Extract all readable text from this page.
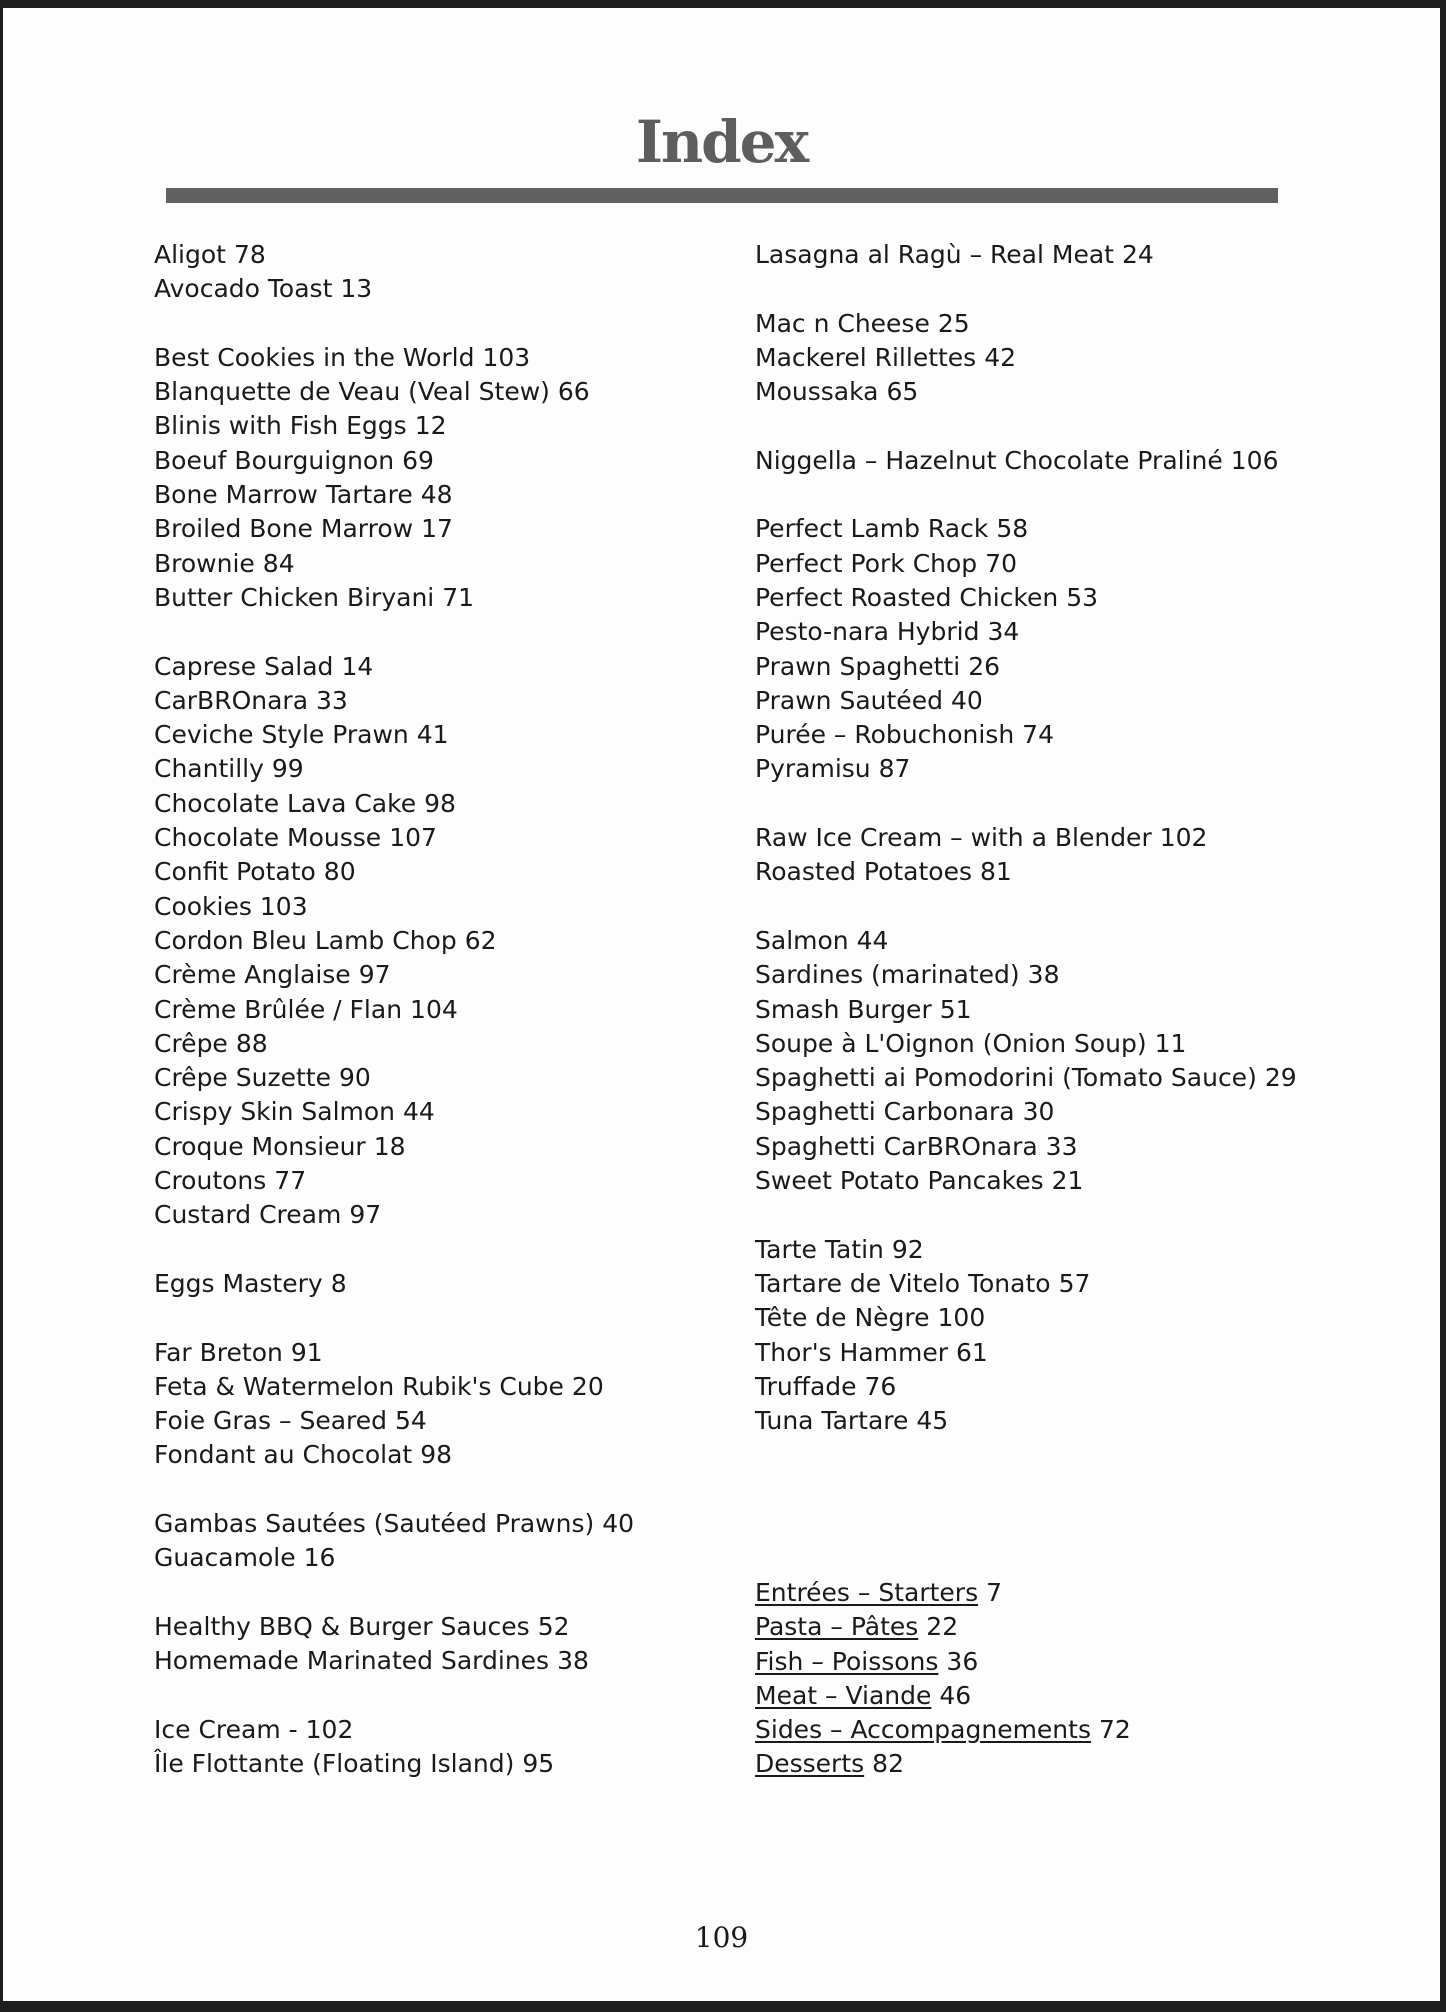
Index
Aligot 78
Avocado Toast 13
Best Cookies in the World 103
Blanquette de Veau (Veal Stew) 66
Blinis with Fish Eggs 12
Boeuf Bourguignon 69
Bone Marrow Tartare 48
Broiled Bone Marrow 17
Brownie 84
Butter Chicken Biryani 71
Caprese Salad 14
CarBROnara 33
Ceviche Style Prawn 41
Chantilly 99
Chocolate Lava Cake 98
Chocolate Mousse 107
Confit Potato 80
Cookies 103
Cordon Bleu Lamb Chop 62
Crème Anglaise 97
Crème Brûlée / Flan 104
Crêpe 88
Crêpe Suzette 90
Crispy Skin Salmon 44
Croque Monsieur 18
Croutons 77
Custard Cream 97
Eggs Mastery 8
Far Breton 91
Feta & Watermelon Rubik's Cube 20
Foie Gras – Seared 54
Fondant au Chocolat 98
Gambas Sautées (Sautéed Prawns) 40
Guacamole 16
Healthy BBQ & Burger Sauces 52
Homemade Marinated Sardines 38
Ice Cream - 102
Île Flottante (Floating Island) 95
Lasagna al Ragù – Real Meat 24
Mac n Cheese 25
Mackerel Rillettes 42
Moussaka 65
Niggella – Hazelnut Chocolate Praliné 106
Perfect Lamb Rack 58
Perfect Pork Chop 70
Perfect Roasted Chicken 53
Pesto-nara Hybrid 34
Prawn Spaghetti 26
Prawn Sautéed 40
Purée – Robuchonish 74
Pyramisu 87
Raw Ice Cream – with a Blender 102
Roasted Potatoes 81
Salmon 44
Sardines (marinated) 38
Smash Burger 51
Soupe à L'Oignon (Onion Soup) 11
Spaghetti ai Pomodorini (Tomato Sauce) 29
Spaghetti Carbonara 30
Spaghetti CarBROnara 33
Sweet Potato Pancakes 21
Tarte Tatin 92
Tartare de Vitelo Tonato 57
Tête de Nègre 100
Thor's Hammer 61
Truffade 76
Tuna Tartare 45
Entrées – Starters 7
Pasta – Pâtes 22
Fish – Poissons 36
Meat – Viande 46
Sides – Accompagnements 72
Desserts 82
109
